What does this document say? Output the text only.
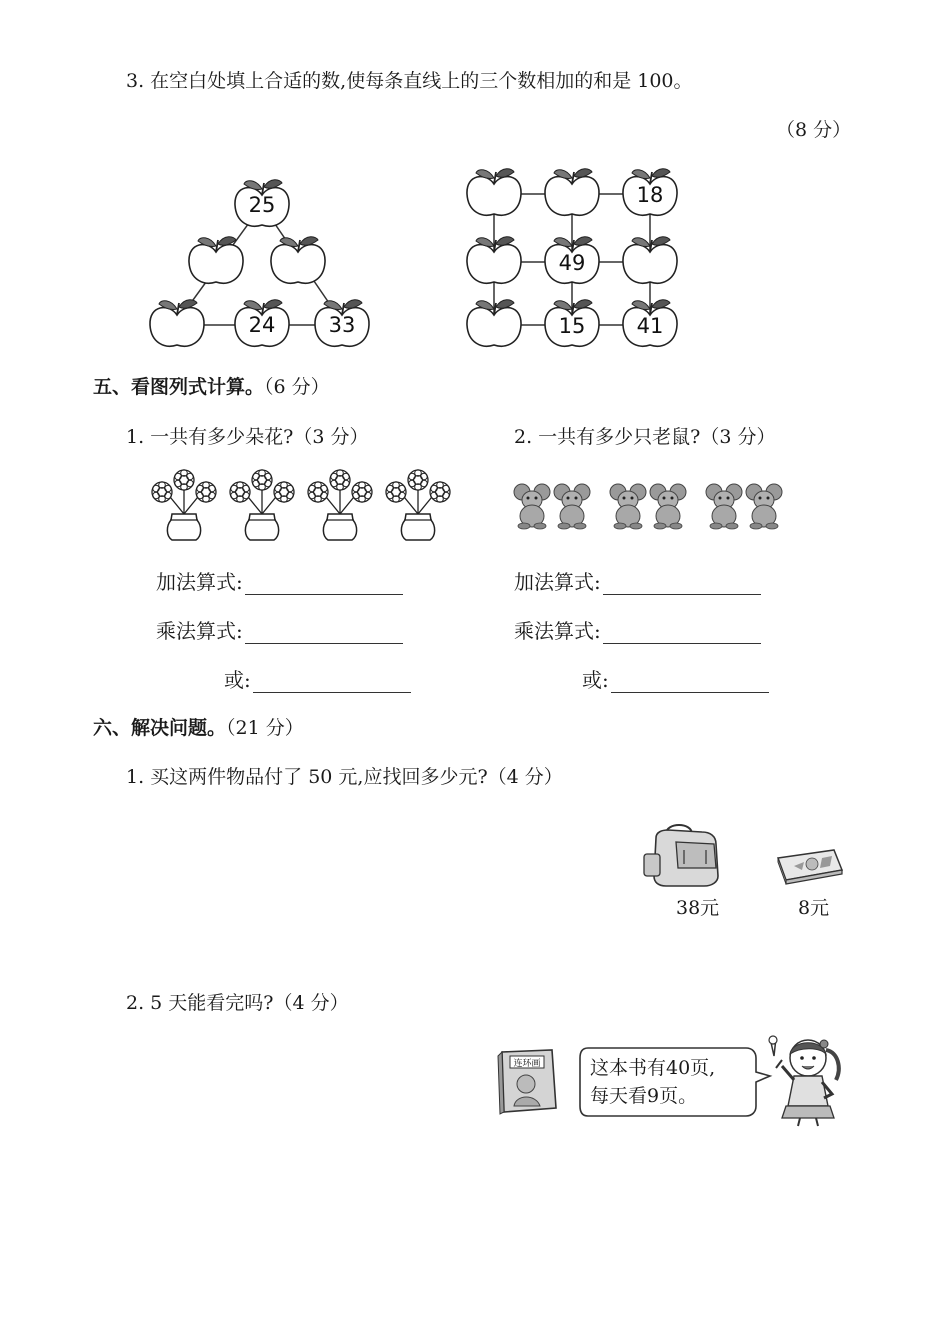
3. 在空白处填上合适的数,使每条直线上的三个数相加的和是 100。
（8 分）
25
24	33
18
49
15 41
五、看图列式计算。（6 分）
1. 一共有多少朵花?（3 分）	2. 一共有多少只老鼠?（3 分）
加法算式:
乘法算式:
或:
加法算式:
乘法算式:
或:
六、解决问题。（21 分）
1. 买这两件物品付了 50 元,应找回多少元?（4 分）
38元	8元
2. 5 天能看完吗?（4 分）
连环画	这本书有40页,
每天看9页。
